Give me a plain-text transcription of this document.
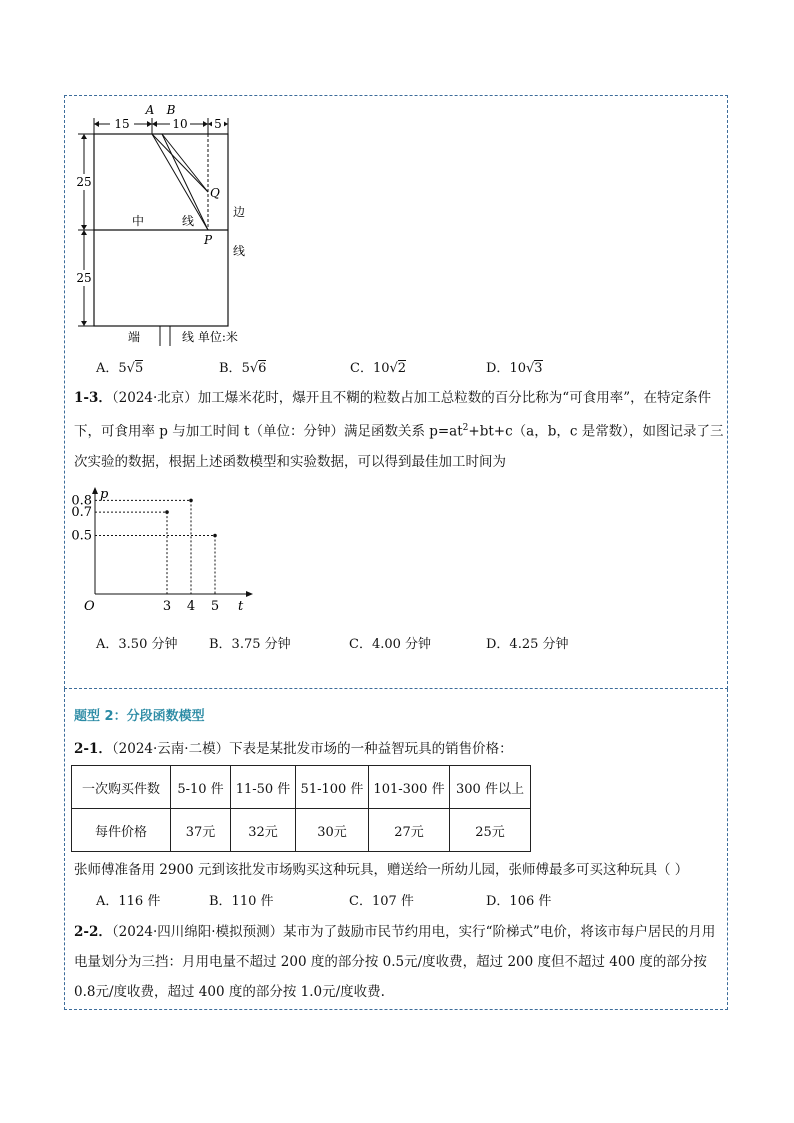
15	10 5
25
25
A B
Q
P
中	线
边
线
端	线 单位:米
A．5√5	B．5√6	C．10√2	D．10√3
1-3．（2024·北京）加工爆米花时，爆开且不糊的粒数占加工总粒数的百分比称为“可食用率”，在特定条件下，可食用率 p 与加工时间 t（单位：分钟）满足函数关系 $p=at^2+bt+c(a$，b，c 是常数），如图记录了三次实验的数据，根据上述函数模型和实验数据，可以得到最佳加工时间为
p
t
O	3 4 5
0.8
0.7
0.5
A．3.50 分钟 B．3.75 分钟	C．4.00 分钟	D．4.25 分钟
题型 2：分段函数模型
2-1．（2024·云南·二模）下表是某批发市场的一种益智玩具的销售价格：
一次购买件数	5-10 件	11-50 件	51-100 件	101-300 件	300 件以上
每件价格	37元	32元	30元	27元	25元
张师傅准备用 2900 元到该批发市场购买这种玩具，赠送给一所幼儿园，张师傅最多可买这种玩具（ ）
A．116 件	B．110 件	C．107 件	D．106 件
2-2．（2024·四川绵阳·模拟预测）某市为了鼓励市民节约用电，实行“阶梯式”电价，将该市每户居民的月用电量划分为三挡：月用电量不超过 200 度的部分按 0.5元/度收费，超过 200 度但不超过 400 度的部分按 0.8元/度收费，超过 400 度的部分按 1.0元/度收费.
